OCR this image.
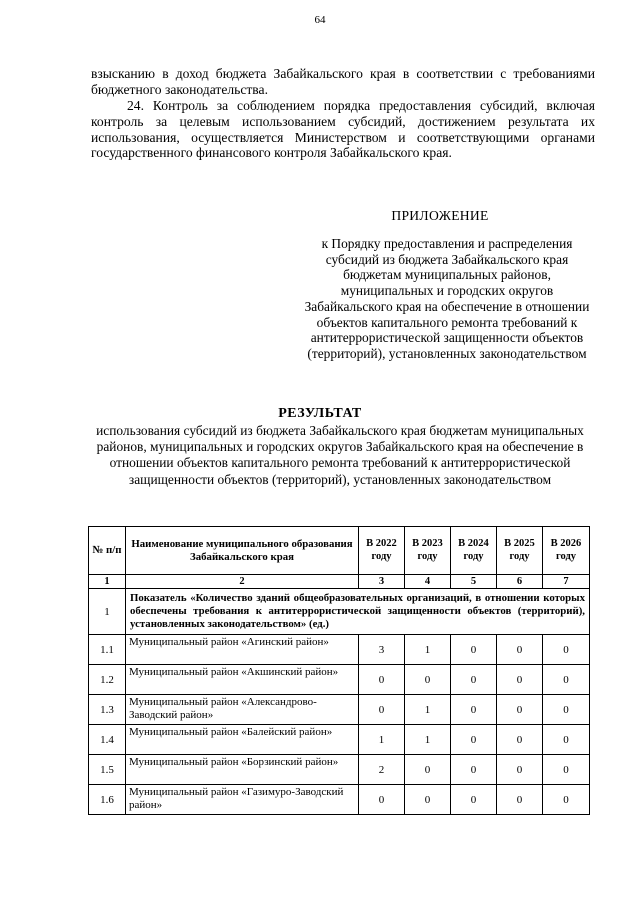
64
взысканию в доход бюджета Забайкальского края в соответствии с требованиями бюджетного законодательства.
24. Контроль за соблюдением порядка предоставления субсидий, включая контроль за целевым использованием субсидий, достижением результата их использования, осуществляется Министерством и соответствующими органами государственного финансового контроля Забайкальского края.
ПРИЛОЖЕНИЕ
к Порядку предоставления и распределения субсидий из бюджета Забайкальского края бюджетам муниципальных районов, муниципальных и городских округов Забайкальского края на обеспечение в отношении объектов капитального ремонта требований к антитеррористической защищенности объектов (территорий), установленных законодательством
РЕЗУЛЬТАТ
использования субсидий из бюджета Забайкальского края бюджетам муниципальных районов, муниципальных и городских округов Забайкальского края на обеспечение в отношении объектов капитального ремонта требований к антитеррористической защищенности объектов (территорий), установленных законодательством
№ п/п	Наименование муниципального образования Забайкальского края	В 2022 году	В 2023 году	В 2024 году	В 2025 году	В 2026 году
1	2	3	4	5	6	7
1	Показатель «Количество зданий общеобразовательных организаций, в отношении которых обеспечены требования к антитеррористической защищенности объектов (территорий), установленных законодательством» (ед.)					
1.1	Муниципальный район «Агинский район»	3	1	0	0	0
1.2	Муниципальный район «Акшинский район»	0	0	0	0	0
1.3	Муниципальный район «Александрово-Заводский район»	0	1	0	0	0
1.4	Муниципальный район «Балейский район»	1	1	0	0	0
1.5	Муниципальный район «Борзинский район»	2	0	0	0	0
1.6	Муниципальный район «Газимуро-Заводский район»	0	0	0	0	0
